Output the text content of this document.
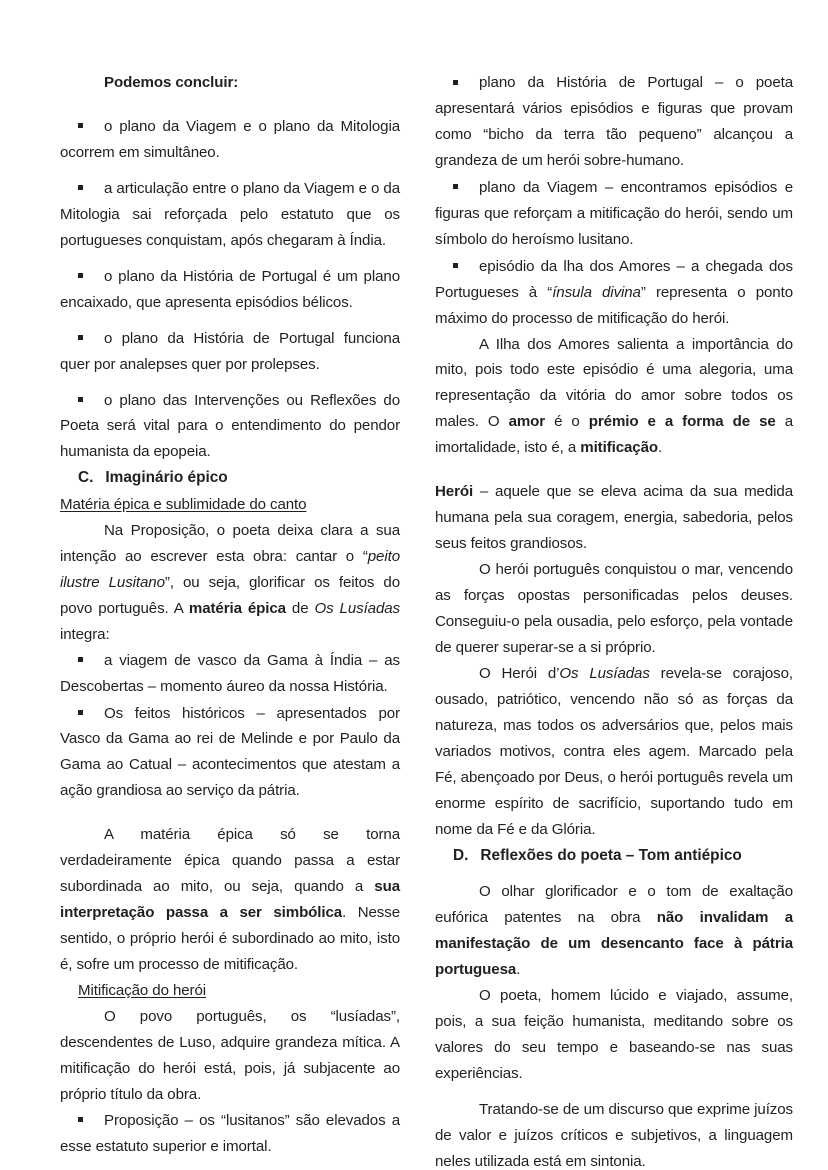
Podemos concluir:

o plano da Viagem e o plano da Mitologia ocorrem em simultâneo.
a articulação entre o plano da Viagem e o da Mitologia sai reforçada pelo estatuto que os portugueses conquistam, após chegaram à Índia.
o plano da História de Portugal é um plano encaixado, que apresenta episódios bélicos.
o plano da História de Portugal funciona quer por analepses quer por prolepses.
o plano das Intervenções ou Reflexões do Poeta será vital para o entendimento do pendor humanista da epopeia.
C. Imaginário épico

Matéria épica e sublimidade do canto

Na Proposição, o poeta deixa clara a sua intenção ao escrever esta obra: cantar o “peito ilustre Lusitano”, ou seja, glorificar os feitos do povo português. A matéria épica de Os Lusíadas integra:

a viagem de vasco da Gama à Índia – as Descobertas – momento áureo da nossa História.
Os feitos históricos – apresentados por Vasco da Gama ao rei de Melinde e por Paulo da Gama ao Catual – acontecimentos que atestam a ação grandiosa ao serviço da pátria.

A matéria épica só se torna verdadeiramente épica quando passa a estar subordinada ao mito, ou seja, quando a sua interpretação passa a ser simbólica. Nesse sentido, o próprio herói é subordinado ao mito, isto é, sofre um processo de mitificação.

Mitificação do herói

O povo português, os “lusíadas”, descendentes de Luso, adquire grandeza mítica. A mitificação do herói está, pois, já subjacente ao próprio título da obra.

Proposição – os “lusitanos” são elevados a esse estatuto superior e imortal.
plano da História de Portugal – o poeta apresentará vários episódios e figuras que provam como “bicho da terra tão pequeno” alcançou a grandeza de um herói sobre-humano.
plano da Viagem – encontramos episódios e figuras que reforçam a mitificação do herói, sendo um símbolo do heroísmo lusitano.
episódio da lha dos Amores – a chegada dos Portugueses à “ínsula divina” representa o ponto máximo do processo de mitificação do herói.

A Ilha dos Amores salienta a importância do mito, pois todo este episódio é uma alegoria, uma representação da vitória do amor sobre todos os males. O amor é o prémio e a forma de se a imortalidade, isto é, a mitificação.

Herói – aquele que se eleva acima da sua medida humana pela sua coragem, energia, sabedoria, pelos seus feitos grandiosos.

O herói português conquistou o mar, vencendo as forças opostas personificadas pelos deuses. Conseguiu-o pela ousadia, pelo esforço, pela vontade de querer superar-se a si próprio.

O Herói d’Os Lusíadas revela-se corajoso, ousado, patriótico, vencendo não só as forças da natureza, mas todos os adversários que, pelos mais variados motivos, contra eles agem. Marcado pela Fé, abençoado por Deus, o herói português revela um enorme espírito de sacrifício, suportando tudo em nome da Fé e da Glória.

D. Reflexões do poeta – Tom antiépico

O olhar glorificador e o tom de exaltação eufórica patentes na obra não invalidam a manifestação de um desencanto face à pátria portuguesa.

O poeta, homem lúcido e viajado, assume, pois, a sua feição humanista, meditando sobre os valores do seu tempo e baseando-se nas suas experiências.

Tratando-se de um discurso que exprime juízos de valor e juízos críticos e subjetivos, a linguagem neles utilizada está em sintonia.
